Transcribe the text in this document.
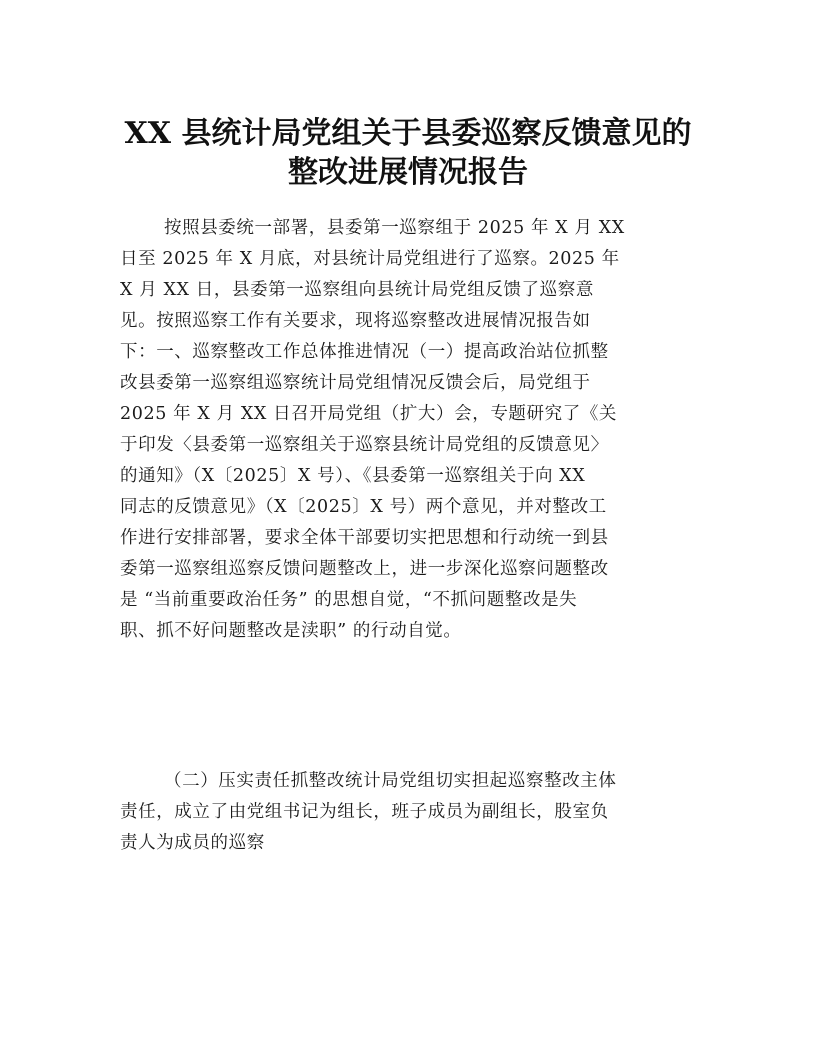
XX 县统计局党组关于县委巡察反馈意见的
整改进展情况报告
按照县委统一部署，县委第一巡察组于 2025 年 X 月 XX
日至 2025 年 X 月底，对县统计局党组进行了巡察。2025 年
X 月 XX 日，县委第一巡察组向县统计局党组反馈了巡察意
见。按照巡察工作有关要求，现将巡察整改进展情况报告如
下：一、巡察整改工作总体推进情况（一）提高政治站位抓整
改县委第一巡察组巡察统计局党组情况反馈会后，局党组于
2025 年 X 月 XX 日召开局党组（扩大）会，专题研究了《关
于印发〈县委第一巡察组关于巡察县统计局党组的反馈意见〉
的通知》（X〔2025〕X 号）、《县委第一巡察组关于向 XX
同志的反馈意见》（X〔2025〕X 号）两个意见，并对整改工
作进行安排部署，要求全体干部要切实把思想和行动统一到县
委第一巡察组巡察反馈问题整改上，进一步深化巡察问题整改
是 “当前重要政治任务” 的思想自觉，“不抓问题整改是失
职、抓不好问题整改是渎职” 的行动自觉。
（二）压实责任抓整改统计局党组切实担起巡察整改主体
责任，成立了由党组书记为组长，班子成员为副组长，股室负
责人为成员的巡察
